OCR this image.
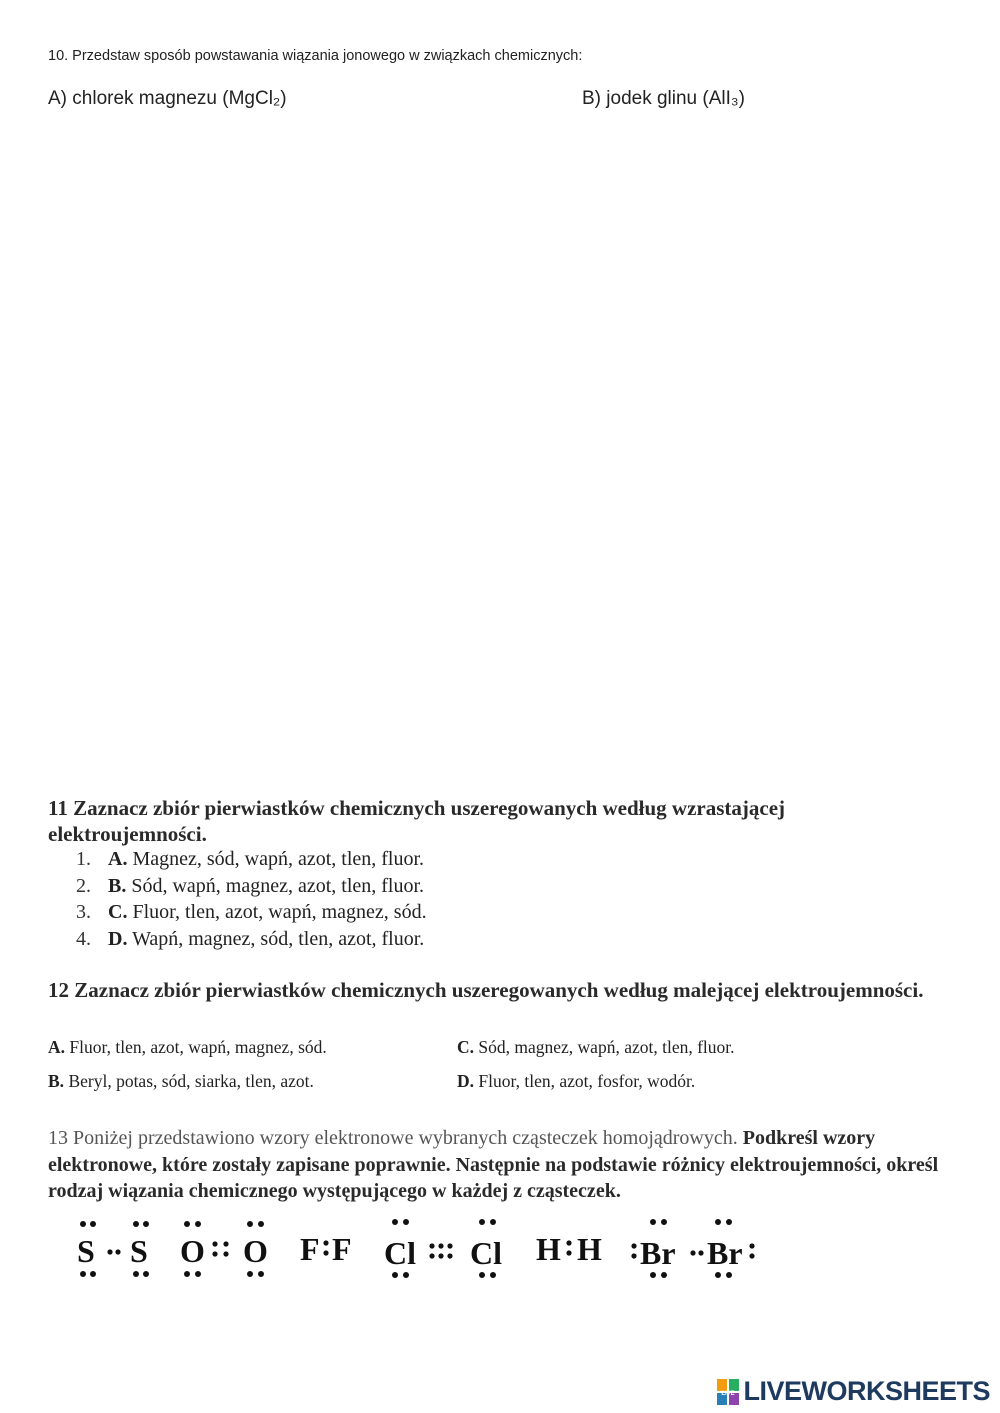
10. Przedstaw sposób powstawania wiązania jonowego w związkach chemicznych:
A) chlorek magnezu (MgCl₂)	B) jodek glinu (AlI₃)
11 Zaznacz zbiór pierwiastków chemicznych uszeregowanych według wzrastającej elektroujemności.
1. A. Magnez, sód, wapń, azot, tlen, fluor.
2. B. Sód, wapń, magnez, azot, tlen, fluor.
3. C. Fluor, tlen, azot, wapń, magnez, sód.
4. D. Wapń, magnez, sód, tlen, azot, fluor.
12 Zaznacz zbiór pierwiastków chemicznych uszeregowanych według malejącej elektroujemności.
A. Fluor, tlen, azot, wapń, magnez, sód.	C. Sód, magnez, wapń, azot, tlen, fluor.
B. Beryl, potas, sód, siarka, tlen, azot.	D. Fluor, tlen, azot, fosfor, wodór.
13 Poniżej przedstawiono wzory elektronowe wybranych cząsteczek homojądrowych. Podkreśl wzory elektronowe, które zostały zapisane poprawnie. Następnie na podstawie różnicy elektroujemności, określ rodzaj wiązania chemicznego występującego w każdej z cząsteczek.
S S O O F F Cl Cl H H Br Br
LIVE LIVEWORKSHEETS
